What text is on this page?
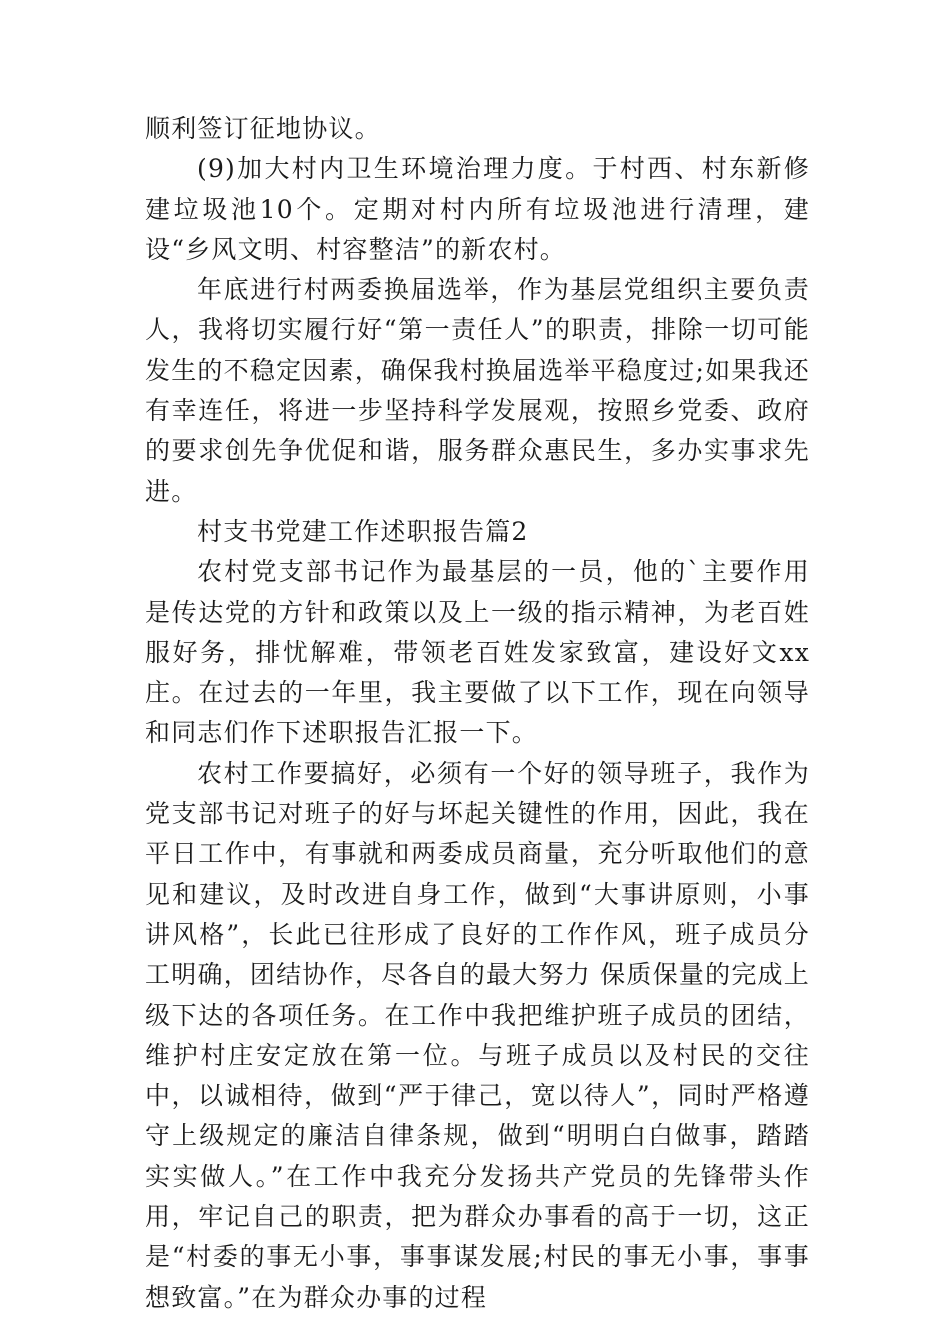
顺利签订征地协议。

(9)加大村内卫生环境治理力度。于村西、村东新修建垃圾池10个。定期对村内所有垃圾池进行清理，建设“乡风文明、村容整洁”的新农村。

年底进行村两委换届选举，作为基层党组织主要负责人，我将切实履行好“第一责任人”的职责，排除一切可能发生的不稳定因素，确保我村换届选举平稳度过;如果我还有幸连任，将进一步坚持科学发展观，按照乡党委、政府的要求创先争优促和谐，服务群众惠民生，多办实事求先进。

村支书党建工作述职报告篇2

农村党支部书记作为最基层的一员，他的`主要作用是传达党的方针和政策以及上一级的指示精神，为老百姓服好务，排忧解难，带领老百姓发家致富，建设好文xx庄。在过去的一年里，我主要做了以下工作，现在向领导和同志们作下述职报告汇报一下。

农村工作要搞好，必须有一个好的领导班子，我作为党支部书记对班子的好与坏起关键性的作用，因此，我在平日工作中，有事就和两委成员商量，充分听取他们的意见和建议，及时改进自身工作，做到“大事讲原则，小事讲风格”，长此已往形成了良好的工作作风，班子成员分工明确，团结协作，尽各自的最大努力 保质保量的完成上级下达的各项任务。在工作中我把维护班子成员的团结，维护村庄安定放在第一位。与班子成员以及村民的交往中，以诚相待，做到“严于律己，宽以待人”，同时严格遵守上级规定的廉洁自律条规，做到“明明白白做事，踏踏实实做人。”在工作中我充分发扬共产党员的先锋带头作用，牢记自己的职责，把为群众办事看的高于一切，这正是“村委的事无小事，事事谋发展;村民的事无小事，事事想致富。”在为群众办事的过程
